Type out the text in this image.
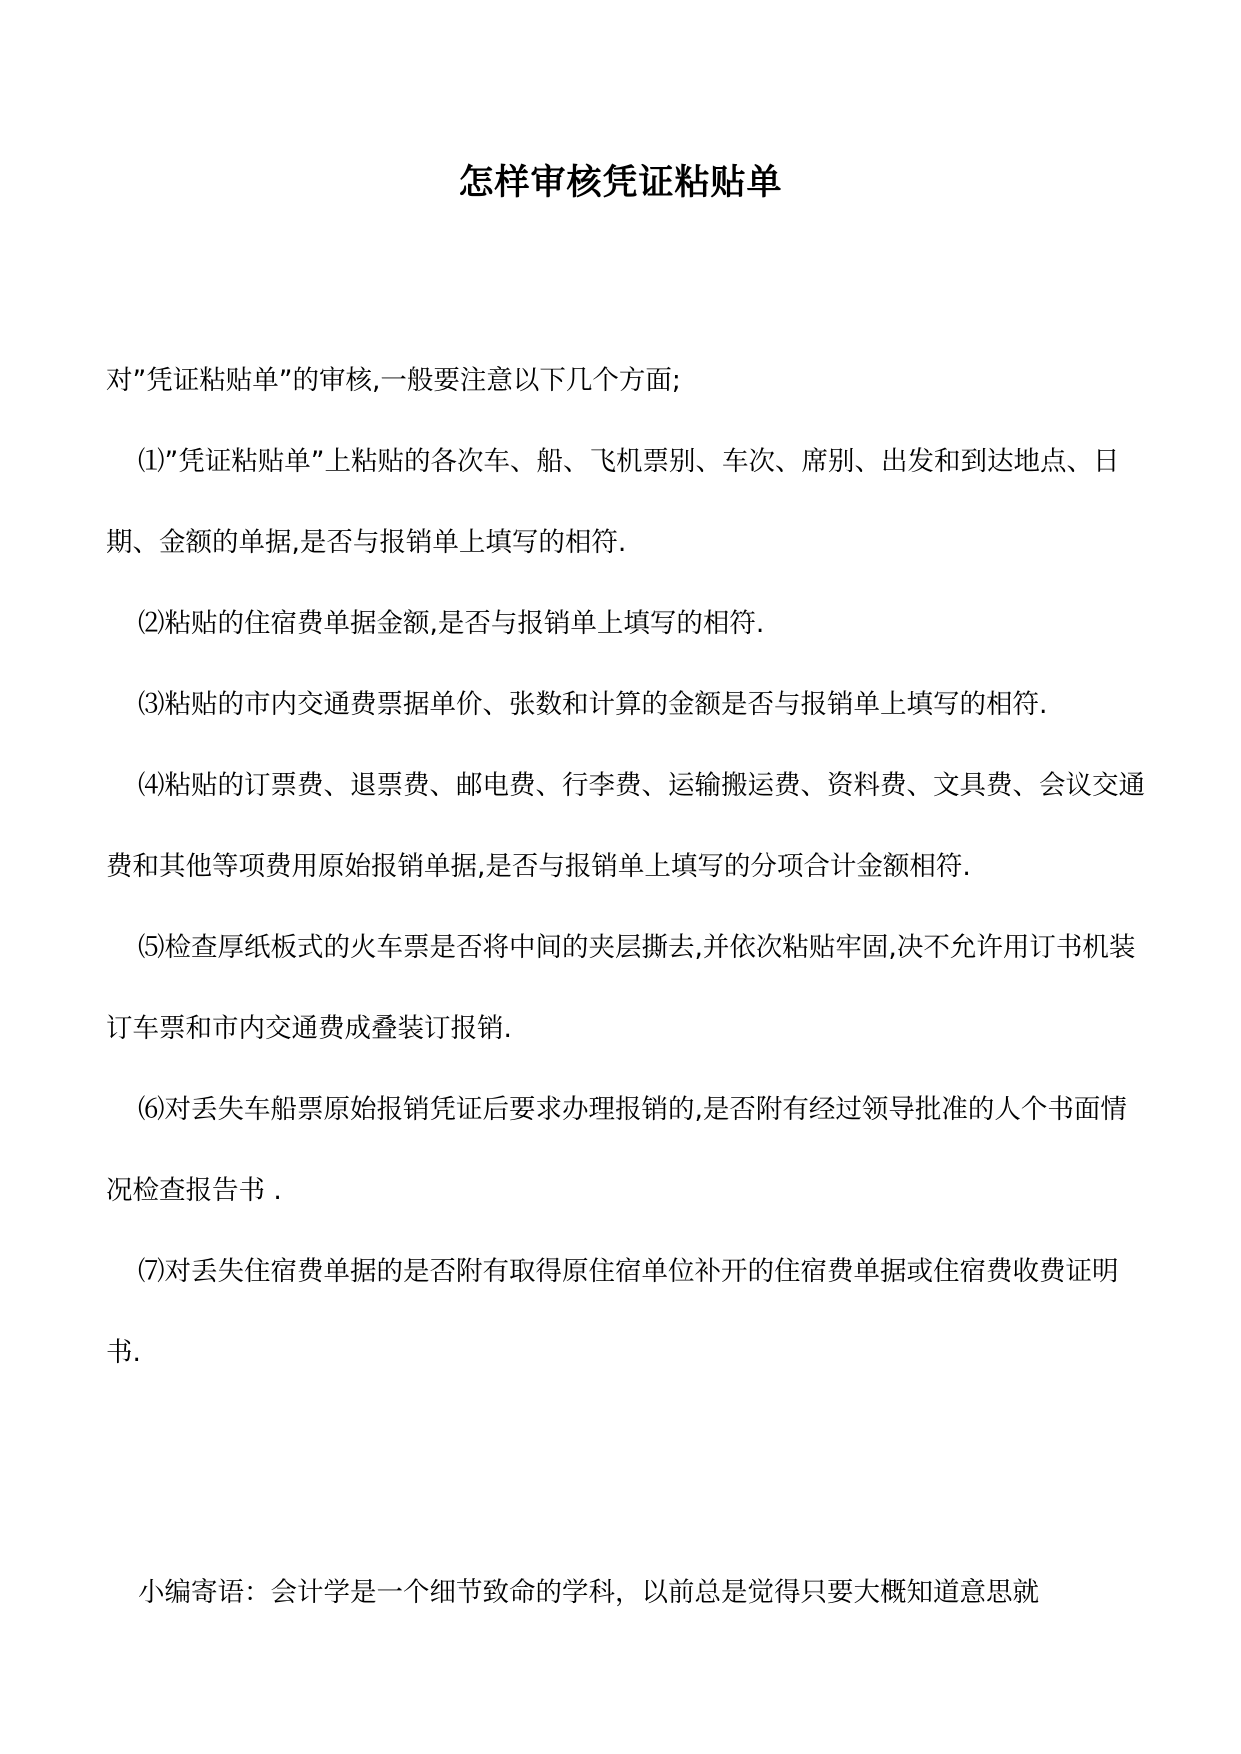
怎样审核凭证粘贴单

对”凭证粘贴单”的审核,一般要注意以下几个方面;

⑴”凭证粘贴单”上粘贴的各次车、船、飞机票别、车次、席别、出发和到达地点、日期、金额的单据,是否与报销单上填写的相符.

⑵粘贴的住宿费单据金额,是否与报销单上填写的相符.

⑶粘贴的市内交通费票据单价、张数和计算的金额是否与报销单上填写的相符.

⑷粘贴的订票费、退票费、邮电费、行李费、运输搬运费、资料费、文具费、会议交通费和其他等项费用原始报销单据,是否与报销单上填写的分项合计金额相符.

⑸检查厚纸板式的火车票是否将中间的夹层撕去,并依次粘贴牢固,决不允许用订书机装订车票和市内交通费成叠装订报销.

⑹对丢失车船票原始报销凭证后要求办理报销的,是否附有经过领导批准的人个书面情况检查报告书 .

⑺对丢失住宿费单据的是否附有取得原住宿单位补开的住宿费单据或住宿费收费证明书.

小编寄语：会计学是一个细节致命的学科，以前总是觉得只要大概知道意思就
